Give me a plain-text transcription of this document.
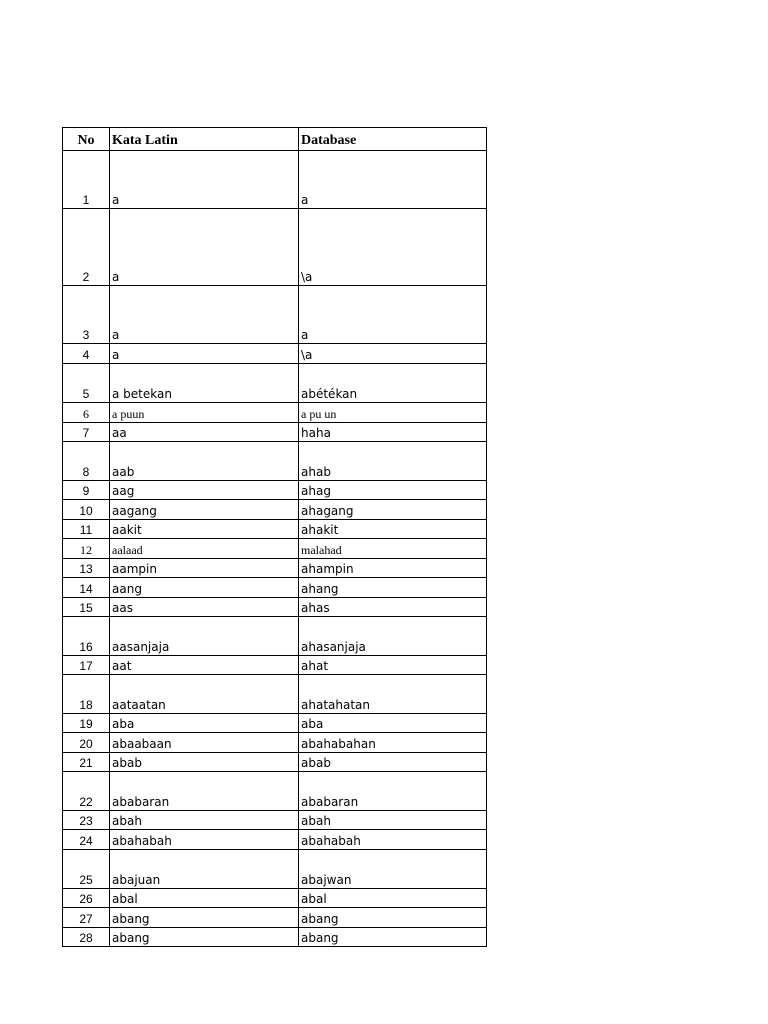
No	Kata Latin	Database
1	a	a
2	a	\a
3	a	a
4	a	\a
5	a betekan	abétékan
6	a puun	a pu un
7	aa	haha
8	aab	ahab
9	aag	ahag
10	aagang	ahagang
11	aakit	ahakit
12	aalaad	malahad
13	aampin	ahampin
14	aang	ahang
15	aas	ahas
16	aasanjaja	ahasanjaja
17	aat	ahat
18	aataatan	ahatahatan
19	aba	aba
20	abaabaan	abahabahan
21	abab	abab
22	ababaran	ababaran
23	abah	abah
24	abahabah	abahabah
25	abajuan	abajwan
26	abal	abal
27	abang	abang
28	abang	abang
